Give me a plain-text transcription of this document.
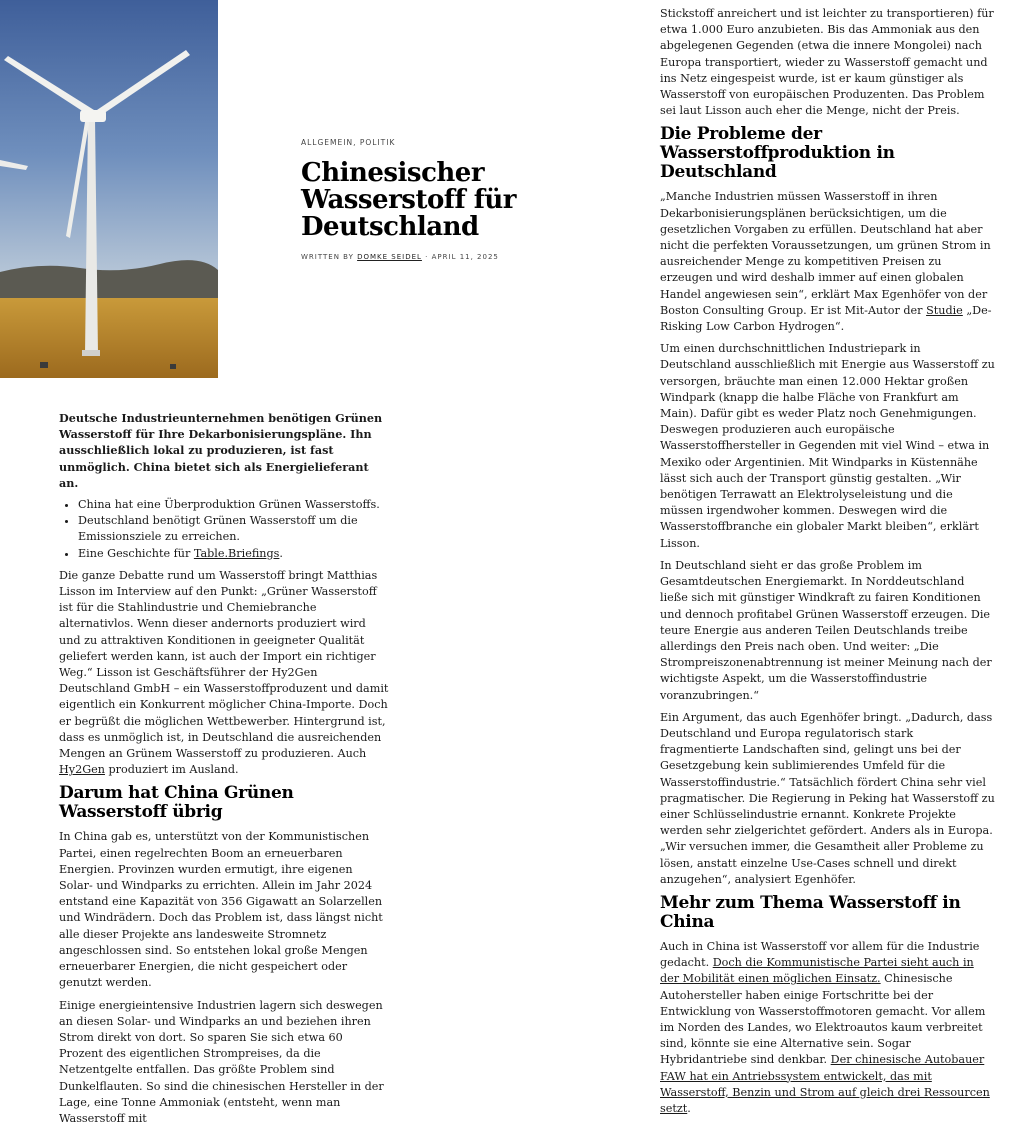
ALLGEMEIN, POLITIK
Chinesischer Wasserstoff für Deutschland
WRITTEN BY DOMKE SEIDEL · APRIL 11, 2025

Deutsche Industrieunternehmen benötigen Grünen Wasserstoff für Ihre Dekarbonisierungspläne. Ihn ausschließlich lokal zu produzieren, ist fast unmöglich. China bietet sich als Energielieferant an.

• China hat eine Überproduktion Grünen Wasserstoffs.
• Deutschland benötigt Grünen Wasserstoff um die Emissionsziele zu erreichen.
• Eine Geschichte für Table.Briefings.

Die ganze Debatte rund um Wasserstoff bringt Matthias Lisson im Interview auf den Punkt: „Grüner Wasserstoff ist für die Stahlindustrie und Chemiebranche alternativlos. Wenn dieser andernorts produziert wird und zu attraktiven Konditionen in geeigneter Qualität geliefert werden kann, ist auch der Import ein richtiger Weg.“ Lisson ist Geschäftsführer der Hy2Gen Deutschland GmbH – ein Wasserstoffproduzent und damit eigentlich ein Konkurrent möglicher China-Importe. Doch er begrüßt die möglichen Wettbewerber. Hintergrund ist, dass es unmöglich ist, in Deutschland die ausreichenden Mengen an Grünem Wasserstoff zu produzieren. Auch Hy2Gen produziert im Ausland.

Darum hat China Grünen Wasserstoff übrig

In China gab es, unterstützt von der Kommunistischen Partei, einen regelrechten Boom an erneuerbaren Energien. Provinzen wurden ermutigt, ihre eigenen Solar- und Windparks zu errichten. Allein im Jahr 2024 entstand eine Kapazität von 356 Gigawatt an Solarzellen und Windrädern. Doch das Problem ist, dass längst nicht alle dieser Projekte ans landesweite Stromnetz angeschlossen sind. So entstehen lokal große Mengen erneuerbarer Energien, die nicht gespeichert oder genutzt werden.

Einige energieintensive Industrien lagern sich deswegen an diesen Solar- und Windparks an und beziehen ihren Strom direkt von dort. So sparen Sie sich etwa 60 Prozent des eigentlichen Strompreises, da die Netzentgelte entfallen. Das größte Problem sind Dunkelflauten. So sind die chinesischen Hersteller in der Lage, eine Tonne Ammoniak (entsteht, wenn man Wasserstoff mit

Stickstoff anreichert und ist leichter zu transportieren) für etwa 1.000 Euro anzubieten. Bis das Ammoniak aus den abgelegenen Gegenden (etwa die innere Mongolei) nach Europa transportiert, wieder zu Wasserstoff gemacht und ins Netz eingespeist wurde, ist er kaum günstiger als Wasserstoff von europäischen Produzenten. Das Problem sei laut Lisson auch eher die Menge, nicht der Preis.

Die Probleme der Wasserstoffproduktion in Deutschland

„Manche Industrien müssen Wasserstoff in ihren Dekarbonisierungsplänen berücksichtigen, um die gesetzlichen Vorgaben zu erfüllen. Deutschland hat aber nicht die perfekten Voraussetzungen, um grünen Strom in ausreichender Menge zu kompetitiven Preisen zu erzeugen und wird deshalb immer auf einen globalen Handel angewiesen sein“, erklärt Max Egenhöfer von der Boston Consulting Group. Er ist Mit-Autor der Studie „De-Risking Low Carbon Hydrogen“.

Um einen durchschnittlichen Industriepark in Deutschland ausschließlich mit Energie aus Wasserstoff zu versorgen, bräuchte man einen 12.000 Hektar großen Windpark (knapp die halbe Fläche von Frankfurt am Main). Dafür gibt es weder Platz noch Genehmigungen. Deswegen produzieren auch europäische Wasserstoffhersteller in Gegenden mit viel Wind – etwa in Mexiko oder Argentinien. Mit Windparks in Küstennähe lässt sich auch der Transport günstig gestalten. „Wir benötigen Terrawatt an Elektrolyseleistung und die müssen irgendwoher kommen. Deswegen wird die Wasserstoffbranche ein globaler Markt bleiben“, erklärt Lisson.

In Deutschland sieht er das große Problem im Gesamtdeutschen Energiemarkt. In Norddeutschland ließe sich mit günstiger Windkraft zu fairen Konditionen und dennoch profitabel Grünen Wasserstoff erzeugen. Die teure Energie aus anderen Teilen Deutschlands treibe allerdings den Preis nach oben. Und weiter: „Die Strompreiszonenabtrennung ist meiner Meinung nach der wichtigste Aspekt, um die Wasserstoffindustrie voranzubringen.“

Ein Argument, das auch Egenhöfer bringt. „Dadurch, dass Deutschland und Europa regulatorisch stark fragmentierte Landschaften sind, gelingt uns bei der Gesetzgebung kein sublimierendes Umfeld für die Wasserstoffindustrie.“ Tatsächlich fördert China sehr viel pragmatischer. Die Regierung in Peking hat Wasserstoff zu einer Schlüsselindustrie ernannt. Konkrete Projekte werden sehr zielgerichtet gefördert. Anders als in Europa. „Wir versuchen immer, die Gesamtheit aller Probleme zu lösen, anstatt einzelne Use-Cases schnell und direkt anzugehen“, analysiert Egenhöfer.

Mehr zum Thema Wasserstoff in China

Auch in China ist Wasserstoff vor allem für die Industrie gedacht. Doch die Kommunistische Partei sieht auch in der Mobilität einen möglichen Einsatz. Chinesische Autohersteller haben einige Fortschritte bei der Entwicklung von Wasserstoffmotoren gemacht. Vor allem im Norden des Landes, wo Elektroautos kaum verbreitet sind, könnte sie eine Alternative sein. Sogar Hybridantriebe sind denkbar. Der chinesische Autobauer FAW hat ein Antriebssystem entwickelt, das mit Wasserstoff, Benzin und Strom auf gleich drei Ressourcen setzt.
